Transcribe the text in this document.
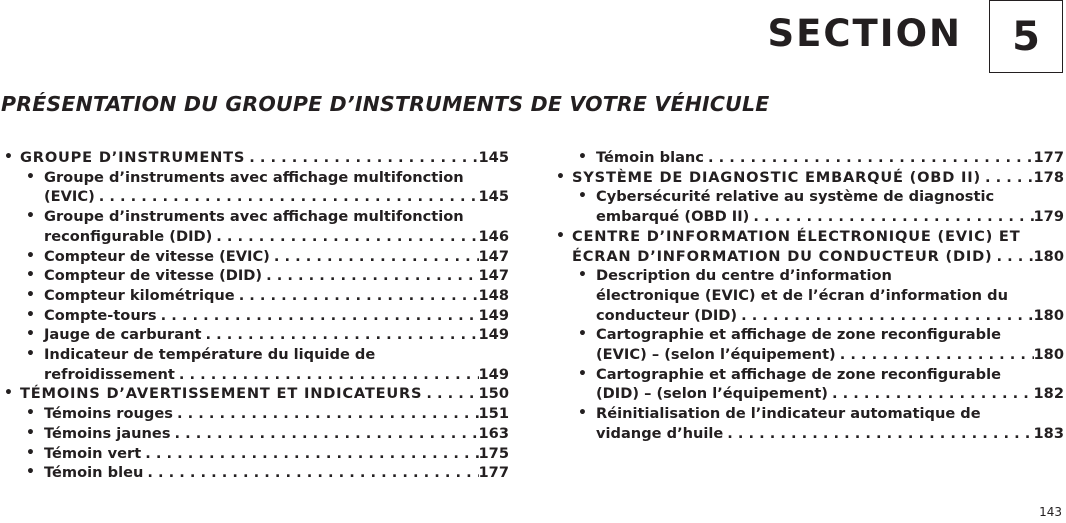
SECTION 5
PRÉSENTATION DU GROUPE D’INSTRUMENTS DE VOTRE VÉHICULE
• GROUPE D’INSTRUMENTS . . .	145
• Groupe d’instruments avec affichage multifonction
(EVIC) . . .	145
• Groupe d’instruments avec affichage multifonction
reconfigurable (DID) . . .	146
• Compteur de vitesse (EVIC) . . .	147
• Compteur de vitesse (DID) . . .	147
• Compteur kilométrique . . .	148
• Compte-tours . . .	149
• Jauge de carburant . . .	149
• Indicateur de température du liquide de
refroidissement . . .	149
• TÉMOINS D’AVERTISSEMENT ET INDICATEURS . . .	150
• Témoins rouges . . .	151
• Témoins jaunes . . .	163
• Témoin vert . . .	175
• Témoin bleu . . .	177
• Témoin blanc . . .	177
• SYSTÈME DE DIAGNOSTIC EMBARQUÉ (OBD II) . . .	178
• Cybersécurité relative au système de diagnostic
embarqué (OBD II) . . .	179
• CENTRE D’INFORMATION ÉLECTRONIQUE (EVIC) ET
ÉCRAN D’INFORMATION DU CONDUCTEUR (DID) . . .	180
• Description du centre d’information
électronique (EVIC) et de l’écran d’information du
conducteur (DID) . . .	180
• Cartographie et affichage de zone reconfigurable
(EVIC) – (selon l’équipement) . . .	180
• Cartographie et affichage de zone reconfigurable
(DID) – (selon l’équipement) . . .	182
• Réinitialisation de l’indicateur automatique de
vidange d’huile . . .	183
143
